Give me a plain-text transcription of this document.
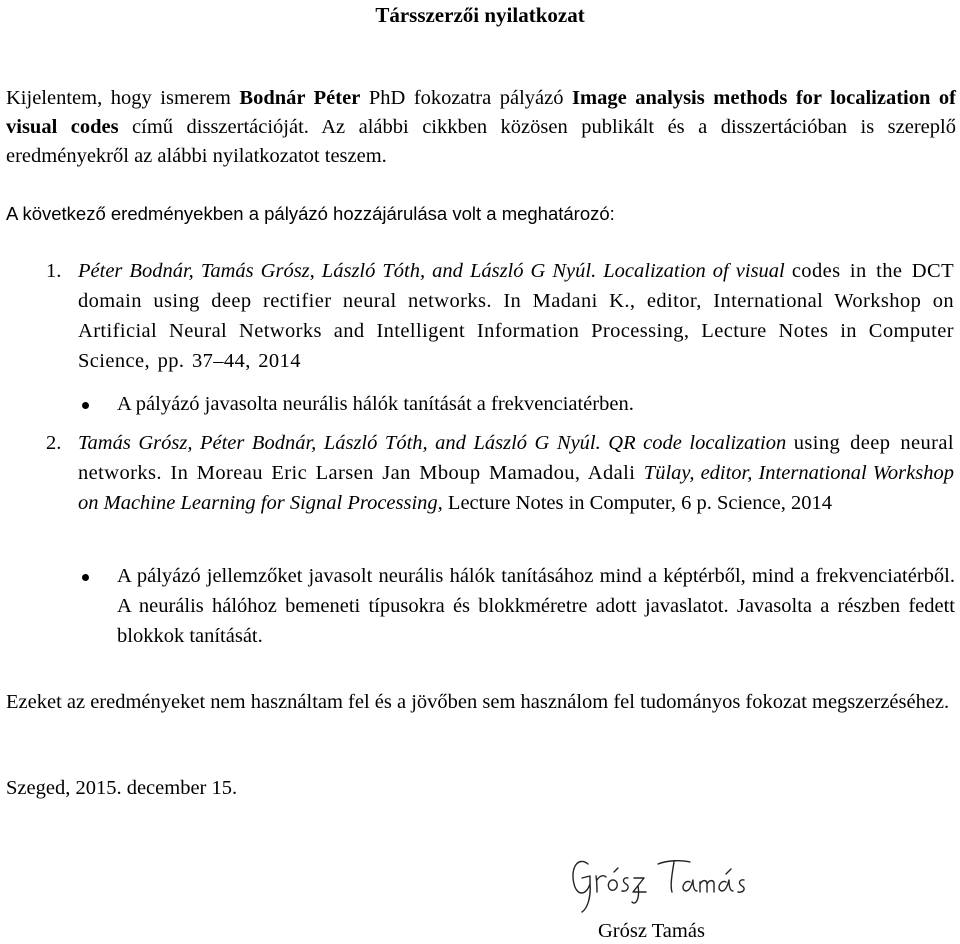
Társszerzői nyilatkozat
Kijelentem, hogy ismerem Bodnár Péter PhD fokozatra pályázó Image analysis methods for localization of visual codes című disszertációját. Az alábbi cikkben közösen publikált és a disszertációban is szereplő eredményekről az alábbi nyilatkozatot teszem.
A következő eredményekben a pályázó hozzájárulása volt a meghatározó:
1. Péter Bodnár, Tamás Grósz, László Tóth, and László G Nyúl. Localization of visual codes in the DCT domain using deep rectifier neural networks. In Madani K., editor, International Workshop on Artificial Neural Networks and Intelligent Information Processing, Lecture Notes in Computer Science, pp. 37–44, 2014
A pályázó javasolta neurális hálók tanítását a frekvenciatérben.
2. Tamás Grósz, Péter Bodnár, László Tóth, and László G Nyúl. QR code localization using deep neural networks. In Moreau Eric Larsen Jan Mboup Mamadou, Adali Tülay, editor, International Workshop on Machine Learning for Signal Processing, Lecture Notes in Computer, 6 p. Science, 2014
A pályázó jellemzőket javasolt neurális hálók tanításához mind a képtérből, mind a frekvenciatérből. A neurális hálóhoz bemeneti típusokra és blokkméretre adott javaslatot. Javasolta a részben fedett blokkok tanítását.
Ezeket az eredményeket nem használtam fel és a jövőben sem használom fel tudományos fokozat megszerzéséhez.
Szeged, 2015. december 15.
Grósz Tamás
